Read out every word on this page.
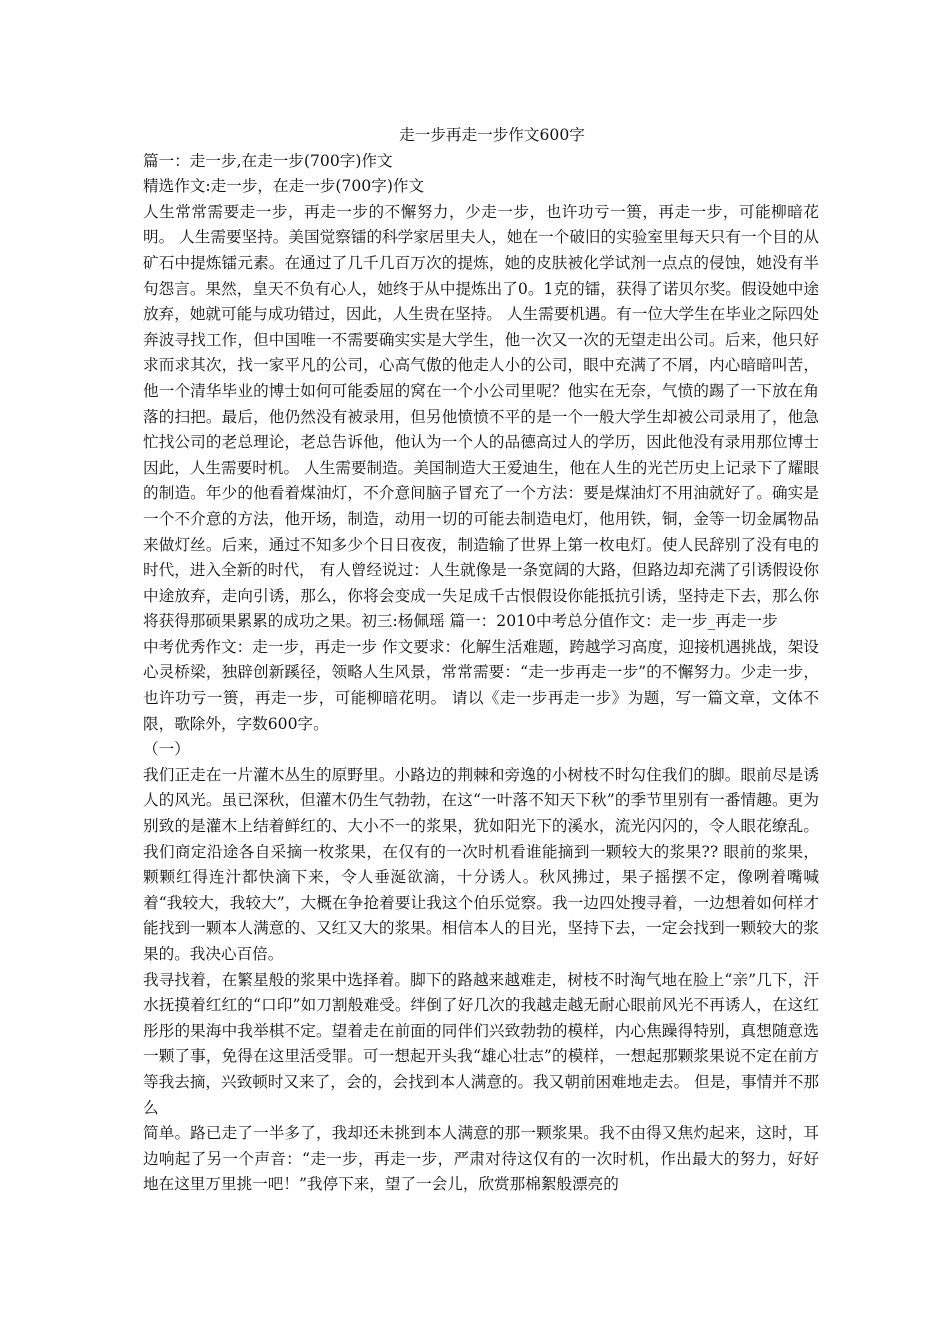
走一步再走一步作文600字

篇一：走一步,在走一步(700字)作文

精选作文:走一步，在走一步(700字)作文

人生常常需要走一步，再走一步的不懈努力，少走一步，也许功亏一篑，再走一步，可能柳暗花明。 人生需要坚持。美国觉察镭的科学家居里夫人，她在一个破旧的实验室里每天只有一个目的从矿石中提炼镭元素。在通过了几千几百万次的提炼，她的皮肤被化学试剂一点点的侵蚀，她没有半句怨言。果然，皇天不负有心人，她终于从中提炼出了0。1克的镭，获得了诺贝尔奖。假设她中途放弃，她就可能与成功错过，因此，人生贵在坚持。 人生需要机遇。有一位大学生在毕业之际四处奔波寻找工作，但中国唯一不需要确实实是大学生，他一次又一次的无望走出公司。后来，他只好求而求其次，找一家平凡的公司，心高气傲的他走人小的公司，眼中充满了不屑，内心暗暗叫苦，他一个清华毕业的博士如何可能委屈的窝在一个小公司里呢？他实在无奈，气愤的踢了一下放在角落的扫把。最后，他仍然没有被录用，但另他愤愤不平的是一个一般大学生却被公司录用了，他急忙找公司的老总理论，老总告诉他，他认为一个人的品德高过人的学历，因此他没有录用那位博士因此，人生需要时机。 人生需要制造。美国制造大王爱迪生，他在人生的光芒历史上记录下了耀眼的制造。年少的他看着煤油灯，不介意间脑子冒充了一个方法：要是煤油灯不用油就好了。确实是一个不介意的方法，他开场，制造，动用一切的可能去制造电灯，他用铁，铜，金等一切金属物品来做灯丝。后来，通过不知多少个日日夜夜，制造输了世界上第一枚电灯。使人民辞别了没有电的时代，进入全新的时代， 有人曾经说过：人生就像是一条宽阔的大路，但路边却充满了引诱假设你中途放弃，走向引诱，那么，你将会变成一失足成千古恨假设你能抵抗引诱，坚持走下去，那么你将获得那硕果累累的成功之果。初三:杨佩瑶 篇一：2010中考总分值作文：走一步_再走一步

中考优秀作文：走一步，再走一步 作文要求：化解生活难题，跨越学习高度，迎接机遇挑战，架设心灵桥梁，独辟创新蹊径，领略人生风景，常常需要：“走一步再走一步”的不懈努力。少走一步，也许功亏一篑，再走一步，可能柳暗花明。 请以《走一步再走一步》为题，写一篇文章，文体不限，歌除外，字数600字。

（一）

我们正走在一片灌木丛生的原野里。小路边的荆棘和旁逸的小树枝不时勾住我们的脚。眼前尽是诱人的风光。虽已深秋，但灌木仍生气勃勃，在这“一叶落不知天下秋”的季节里别有一番情趣。更为别致的是灌木上结着鲜红的、大小不一的浆果，犹如阳光下的溪水，流光闪闪的，令人眼花缭乱。我们商定沿途各自采摘一枚浆果，在仅有的一次时机看谁能摘到一颗较大的浆果?? 眼前的浆果，颗颗红得连汁都快滴下来，令人垂涎欲滴，十分诱人。秋风拂过，果子摇摆不定，像咧着嘴喊着“我较大，我较大”，大概在争抢着要让我这个伯乐觉察。我一边四处搜寻着，一边想着如何样才能找到一颗本人满意的、又红又大的浆果。相信本人的目光，坚持下去，一定会找到一颗较大的浆果的。我决心百倍。

我寻找着，在繁星般的浆果中选择着。脚下的路越来越难走，树枝不时淘气地在脸上“亲”几下，汗水抚摸着红红的“口印”如刀割般难受。绊倒了好几次的我越走越无耐心眼前风光不再诱人，在这红彤彤的果海中我举棋不定。望着走在前面的同伴们兴致勃勃的模样，内心焦躁得特别，真想随意选一颗了事，免得在这里活受罪。可一想起开头我“雄心壮志”的模样，一想起那颗浆果说不定在前方等我去摘，兴致顿时又来了，会的，会找到本人满意的。我又朝前困难地走去。 但是，事情并不那么

简单。路已走了一半多了，我却还未挑到本人满意的那一颗浆果。我不由得又焦灼起来，这时，耳边响起了另一个声音：“走一步，再走一步，严肃对待这仅有的一次时机，作出最大的努力，好好地在这里万里挑一吧！”我停下来，望了一会儿，欣赏那棉絮般漂亮的
